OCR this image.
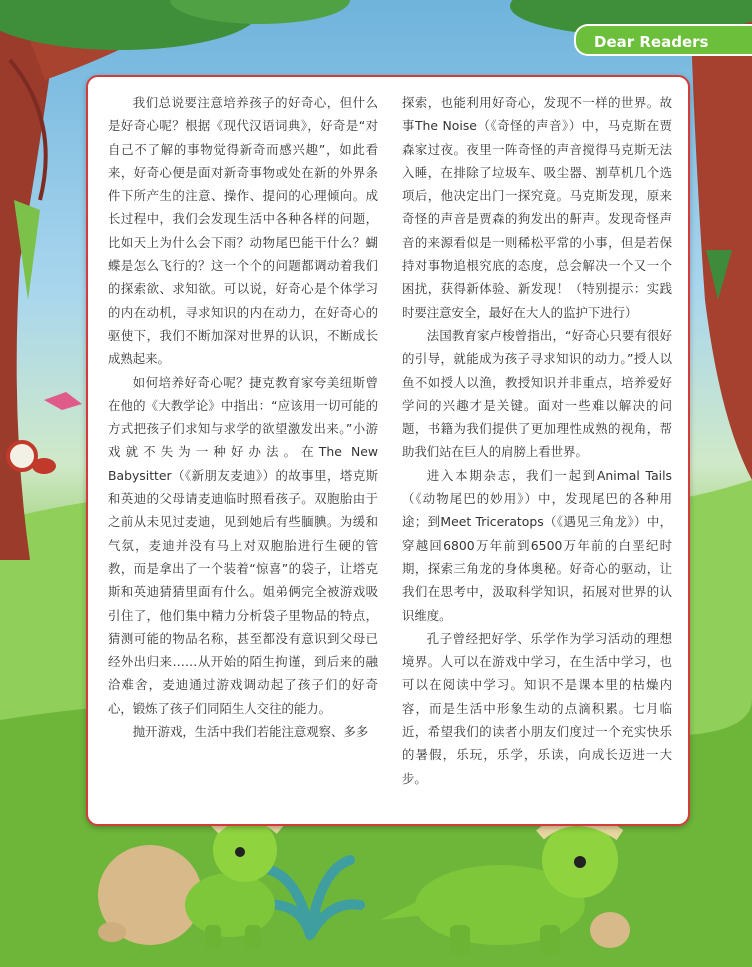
Dear Readers

我们总说要注意培养孩子的好奇心，但什么是好奇心呢？根据《现代汉语词典》，好奇是“对自己不了解的事物觉得新奇而感兴趣”，如此看来，好奇心便是面对新奇事物或处在新的外界条件下所产生的注意、操作、提问的心理倾向。成长过程中，我们会发现生活中各种各样的问题，比如天上为什么会下雨？动物尾巴能干什么？蝴蝶是怎么飞行的？这一个个的问题都调动着我们的探索欲、求知欲。可以说，好奇心是个体学习的内在动机，寻求知识的内在动力，在好奇心的驱使下，我们不断加深对世界的认识，不断成长成熟起来。

如何培养好奇心呢？捷克教育家夸美纽斯曾在他的《大教学论》中指出：“应该用一切可能的方式把孩子们求知与求学的欲望激发出来。”小游戏就不失为一种好办法。在The New Babysitter（《新朋友麦迪》）的故事里，塔克斯和英迪的父母请麦迪临时照看孩子。双胞胎由于之前从未见过麦迪，见到她后有些腼腆。为缓和气氛，麦迪并没有马上对双胞胎进行生硬的管教，而是拿出了一个装着“惊喜”的袋子，让塔克斯和英迪猜猜里面有什么。姐弟俩完全被游戏吸引住了，他们集中精力分析袋子里物品的特点，猜测可能的物品名称，甚至都没有意识到父母已经外出归来……从开始的陌生拘谨，到后来的融洽难舍，麦迪通过游戏调动起了孩子们的好奇心，锻炼了孩子们同陌生人交往的能力。

抛开游戏，生活中我们若能注意观察、多多

探索，也能利用好奇心，发现不一样的世界。故事The Noise（《奇怪的声音》）中，马克斯在贾森家过夜。夜里一阵奇怪的声音搅得马克斯无法入睡，在排除了垃圾车、吸尘器、割草机几个选项后，他决定出门一探究竟。马克斯发现，原来奇怪的声音是贾森的狗发出的鼾声。发现奇怪声音的来源看似是一则稀松平常的小事，但是若保持对事物追根究底的态度，总会解决一个又一个困扰，获得新体验、新发现！（特别提示：实践时要注意安全，最好在大人的监护下进行）

法国教育家卢梭曾指出，“好奇心只要有很好的引导，就能成为孩子寻求知识的动力。”授人以鱼不如授人以渔，教授知识并非重点，培养爱好学问的兴趣才是关键。面对一些难以解决的问题，书籍为我们提供了更加理性成熟的视角，帮助我们站在巨人的肩膀上看世界。

进入本期杂志，我们一起到Animal Tails（《动物尾巴的妙用》）中，发现尾巴的各种用途；到Meet Triceratops（《遇见三角龙》）中，穿越回6800万年前到6500万年前的白垩纪时期，探索三角龙的身体奥秘。好奇心的驱动，让我们在思考中，汲取科学知识，拓展对世界的认识维度。

孔子曾经把好学、乐学作为学习活动的理想境界。人可以在游戏中学习，在生活中学习，也可以在阅读中学习。知识不是课本里的枯燥内容，而是生活中形象生动的点滴积累。七月临近，希望我们的读者小朋友们度过一个充实快乐的暑假，乐玩，乐学，乐读，向成长迈进一大步。
